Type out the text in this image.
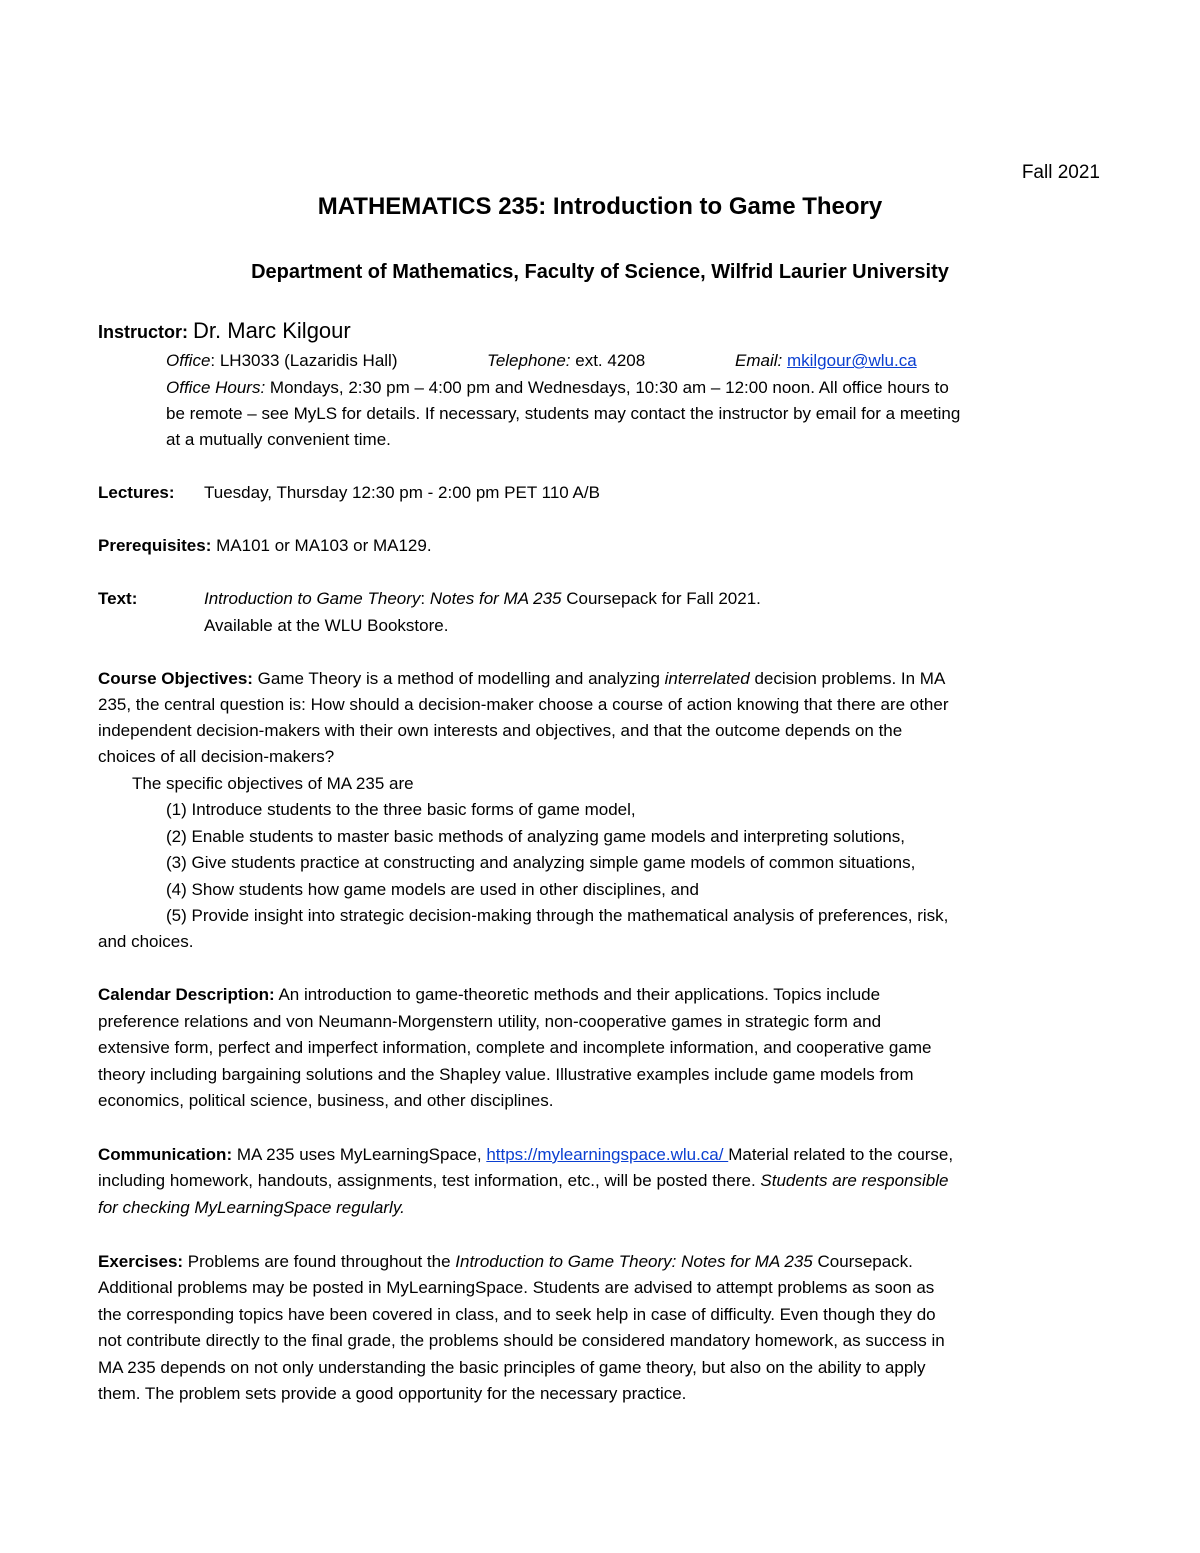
Fall 2021
MATHEMATICS 235: Introduction to Game Theory
Department of Mathematics, Faculty of Science, Wilfrid Laurier University
Instructor: Dr. Marc Kilgour
Office: LH3033 (Lazaridis Hall)	Telephone: ext. 4208	Email: mkilgour@wlu.ca
Office Hours: Mondays, 2:30 pm – 4:00 pm and Wednesdays, 10:30 am – 12:00 noon. All office hours to
be remote – see MyLS for details. If necessary, students may contact the instructor by email for a meeting
at a mutually convenient time.
Lectures: Tuesday, Thursday 12:30 pm - 2:00 pm PET 110 A/B
Prerequisites: MA101 or MA103 or MA129.
Text:	Introduction to Game Theory: Notes for MA 235 Coursepack for Fall 2021.
Available at the WLU Bookstore.
Course Objectives: Game Theory is a method of modelling and analyzing interrelated decision problems. In MA
235, the central question is: How should a decision-maker choose a course of action knowing that there are other
independent decision-makers with their own interests and objectives, and that the outcome depends on the
choices of all decision-makers?
The specific objectives of MA 235 are
(1) Introduce students to the three basic forms of game model,
(2) Enable students to master basic methods of analyzing game models and interpreting solutions,
(3) Give students practice at constructing and analyzing simple game models of common situations,
(4) Show students how game models are used in other disciplines, and
(5) Provide insight into strategic decision-making through the mathematical analysis of preferences, risk,
and choices.
Calendar Description: An introduction to game-theoretic methods and their applications. Topics include
preference relations and von Neumann-Morgenstern utility, non-cooperative games in strategic form and
extensive form, perfect and imperfect information, complete and incomplete information, and cooperative game
theory including bargaining solutions and the Shapley value. Illustrative examples include game models from
economics, political science, business, and other disciplines.
Communication: MA 235 uses MyLearningSpace, https://mylearningspace.wlu.ca/ Material related to the course,
including homework, handouts, assignments, test information, etc., will be posted there. Students are responsible
for checking MyLearningSpace regularly.
Exercises: Problems are found throughout the Introduction to Game Theory: Notes for MA 235 Coursepack.
Additional problems may be posted in MyLearningSpace. Students are advised to attempt problems as soon as
the corresponding topics have been covered in class, and to seek help in case of difficulty. Even though they do
not contribute directly to the final grade, the problems should be considered mandatory homework, as success in
MA 235 depends on not only understanding the basic principles of game theory, but also on the ability to apply
them. The problem sets provide a good opportunity for the necessary practice.
